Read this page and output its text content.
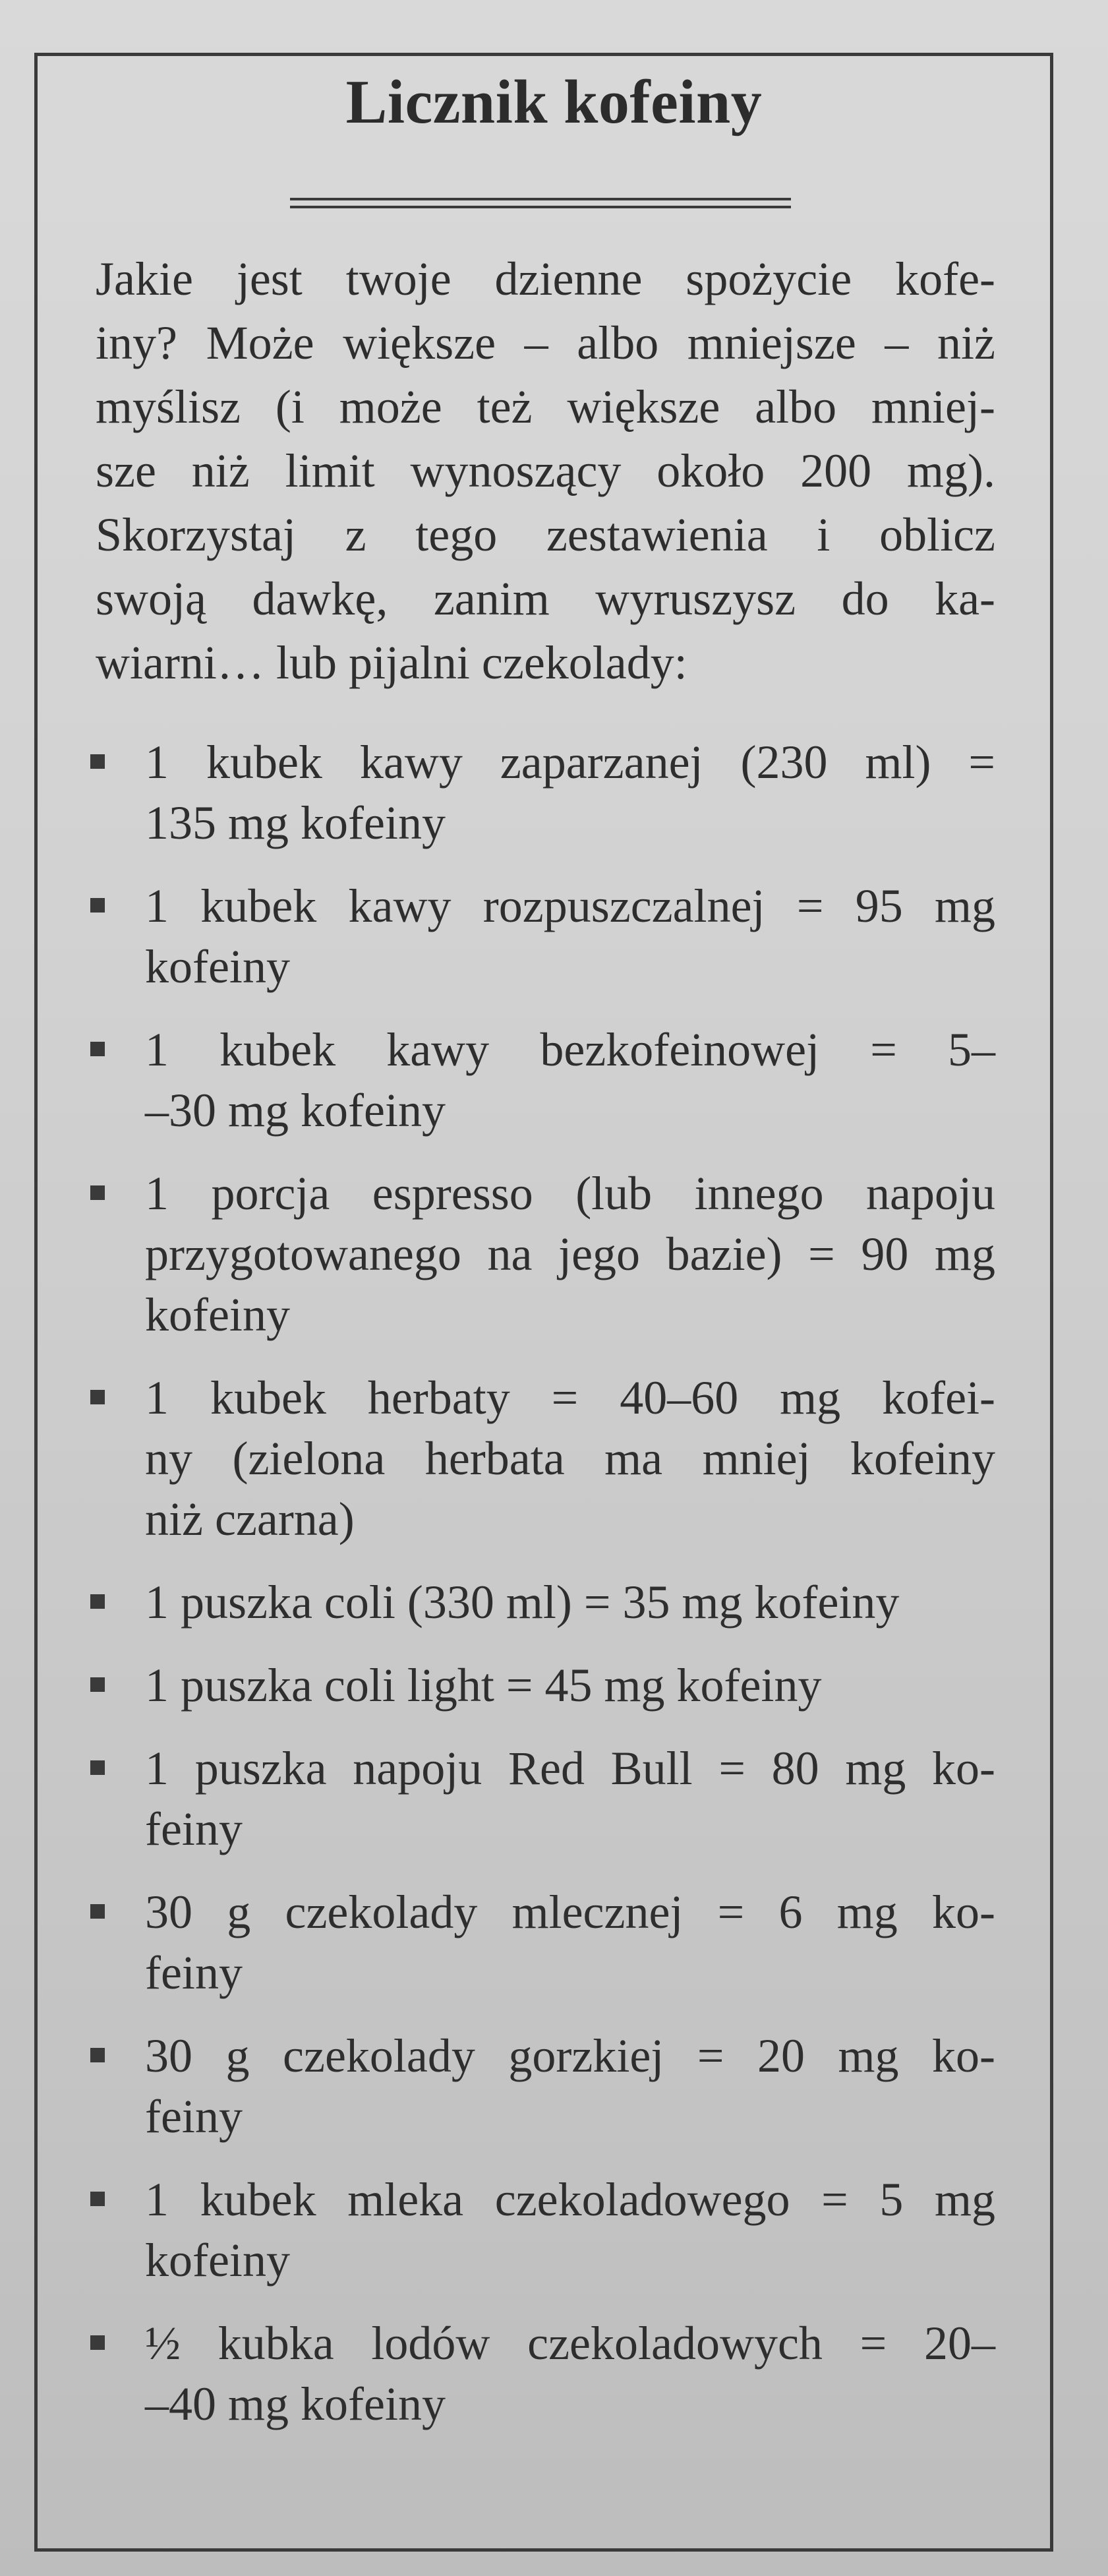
Licznik kofeiny
Jakie jest twoje dzienne spożycie kofe-
iny? Może większe – albo mniejsze – niż
myślisz (i może też większe albo mniej-
sze niż limit wynoszący około 200 mg).
Skorzystaj z tego zestawienia i oblicz
swoją dawkę, zanim wyruszysz do ka-
wiarni… lub pijalni czekolady:
1 kubek kawy zaparzanej (230 ml) =
135 mg kofeiny
1 kubek kawy rozpuszczalnej = 95 mg
kofeiny
1 kubek kawy bezkofeinowej = 5–
–30 mg kofeiny
1 porcja espresso (lub innego napoju
przygotowanego na jego bazie) = 90 mg
kofeiny
1 kubek herbaty = 40–60 mg kofei-
ny (zielona herbata ma mniej kofeiny
niż czarna)
1 puszka coli (330 ml) = 35 mg kofeiny
1 puszka coli light = 45 mg kofeiny
1 puszka napoju Red Bull = 80 mg ko-
feiny
30 g czekolady mlecznej = 6 mg ko-
feiny
30 g czekolady gorzkiej = 20 mg ko-
feiny
1 kubek mleka czekoladowego = 5 mg
kofeiny
½ kubka lodów czekoladowych = 20–
–40 mg kofeiny
